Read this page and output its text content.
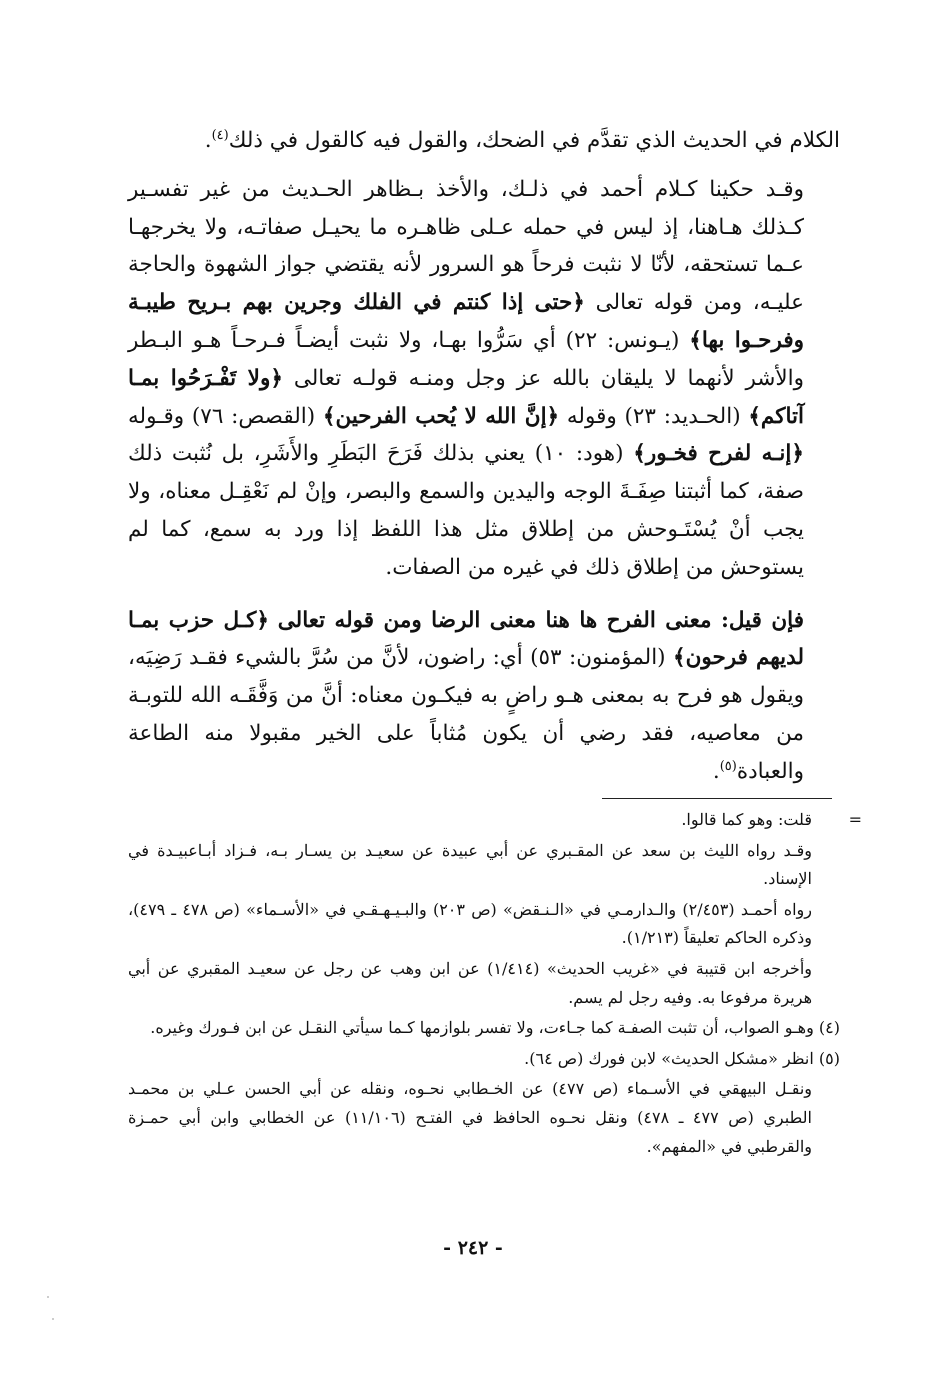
الكلام في الحديث الذي تقدَّم في الضحك، والقول فيه كالقول في ذلك$^{(٤)}$.

وقـد حكينا كـلام أحمد في ذلـك، والأخذ بـظاهر الحـديث من غير تفسـير كـذلك هـاهنا، إذ ليس في حمله عـلى ظاهـره ما يحيـل صفاتـه، ولا يخرجهـا عـما تستحقه، لأنّا لا نثبت فرحاً هو السرور لأنه يقتضي جواز الشهوة والحاجة عليـه، ومن قوله تعالى ﴿حتى إذا كنتم في الفلك وجرين بهم بـريح طيبـة وفرحـوا بها﴾ (يـونس: ٢٢) أي سَرُّوا بهـا، ولا نثبت أيضـاً فـرحـاً هـو البـطر والأشر لأنهما لا يليقان بالله عز وجل ومنـه قولـه تعالى ﴿ولا تَفْـرَحُوا بمـا آتاكم﴾ (الحـديد: ٢٣) وقوله ﴿إنَّ الله لا يُحب الفرحين﴾ (القصص: ٧٦) وقـوله ﴿إنـه لفرح فخـور﴾ (هود: ١٠) يعني بذلك فَرَحَ البَطَرِ والأَشَرِ، بل نُثبت ذلك صفة، كما أثبتنا صِفَـةَ الوجه واليدين والسمع والبصر، وإنْ لم نَعْقِـل معناه، ولا يجب أنْ يُسْتَـوحش من إطلاق مثل هذا اللفظ إذا ورد به سمع، كما لم يستوحش من إطلاق ذلك في غيره من الصفات.

فإن قيل: معنى الفرح ها هنا معنى الرضا ومن قوله تعالى ﴿كـل حزب بمـا لديهم فرحون﴾ (المؤمنون: ٥٣) أي: راضون، لأنَّ من سُرَّ بالشيء فقـد رَضِيَه، ويقول هو فرح به بمعنى هـو راضٍ به فيكـون معناه: أنَّ من وَفَّقَـه الله للتوبـة من معاصيه، فقد رضي أن يكون مُثاباً على الخير مقبولا منه الطاعة والعبادة$^{(٥)}$.

=
قلت: وهو كما قالوا.

وقـد رواه الليث بن سعد عن المقـبري عن أبي عبيدة عن سعيـد بن يسـار بـه، فـزاد أبـاعبيـدة في الإسناد.

رواه أحمـد (٢/٤٥٣) والـدارمـي في «الـنـقض» (ص ٢٠٣) والبـيـهـقـي في «الأسـماء» (ص ٤٧٨ ـ ٤٧٩)، وذكره الحاكم تعليقاً (١/٢١٣).

وأخرجه ابن قتيبة في «غريب الحديث» (١/٤١٤) عن ابن وهب عن رجل عن سعيـد المقبري عن أبي هريرة مرفوعا به. وفيه رجل لم يسم.

(٤) وهـو الصواب، أن تثبت الصفـة كما جـاءت، ولا تفسر بلوازمها كـما سيأتي النقـل عن ابن فـورك وغيره.

(٥) انظر «مشكل الحديث» لابن فورك (ص ٦٤).

ونقـل البيهقي في الأسـماء (ص ٤٧٧) عن الخـطابي نحـوه، ونقله عن أبي الحسن عـلي بن محمـد الطبري (ص ٤٧٧ ـ ٤٧٨) ونقل نحـوه الحافظ في الفتـح (١١/١٠٦) عن الخطابي وابن أبي حمـزة والقرطبي في «المفهم».

- ٢٤٢ -
